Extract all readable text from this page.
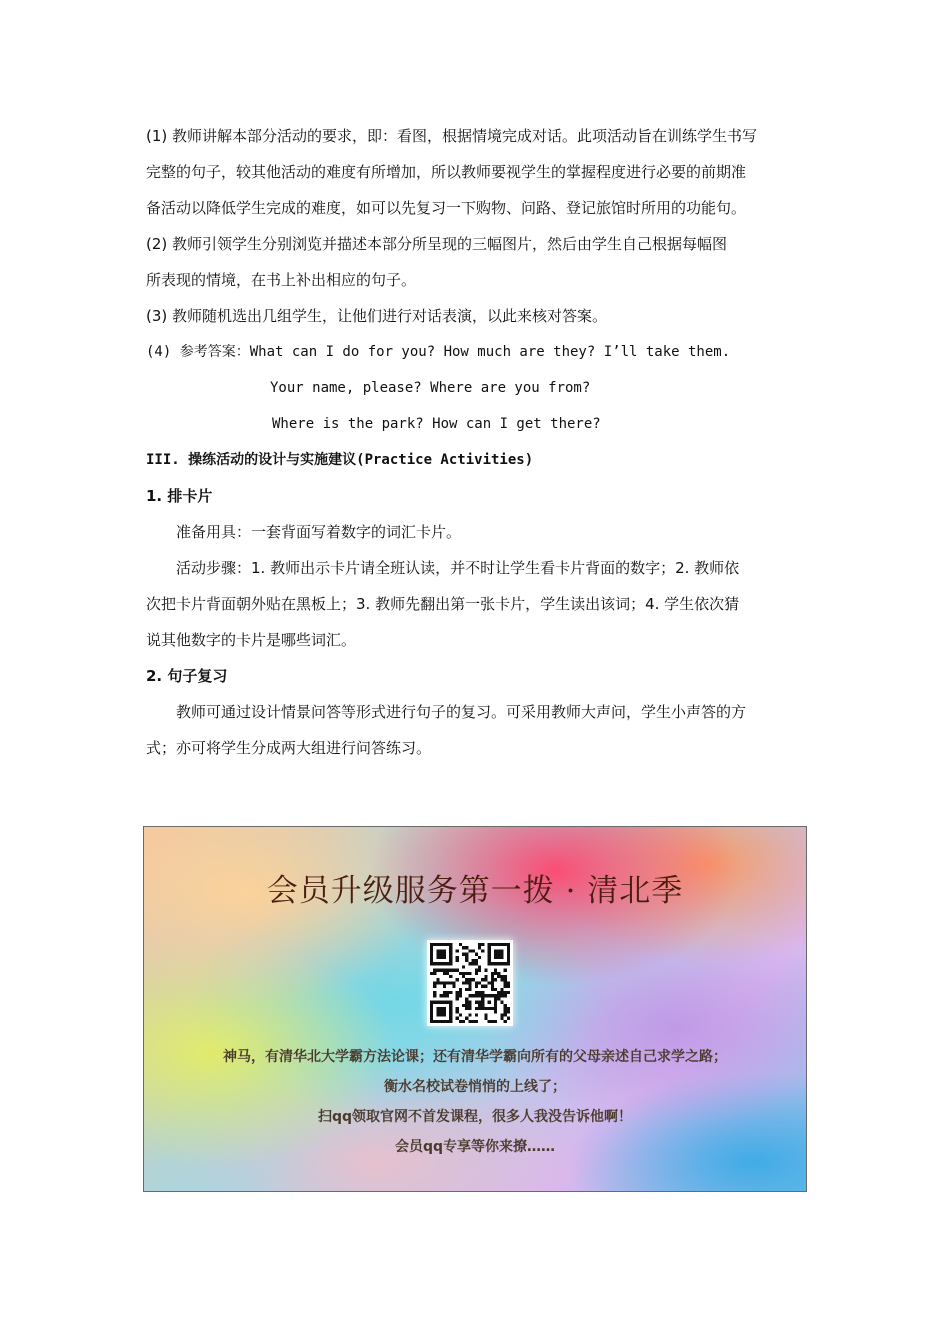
(1) 教师讲解本部分活动的要求，即：看图，根据情境完成对话。此项活动旨在训练学生书写

完整的句子，较其他活动的难度有所增加，所以教师要视学生的掌握程度进行必要的前期准

备活动以降低学生完成的难度，如可以先复习一下购物、问路、登记旅馆时所用的功能句。

(2) 教师引领学生分别浏览并描述本部分所呈现的三幅图片，然后由学生自己根据每幅图

所表现的情境，在书上补出相应的句子。

(3) 教师随机选出几组学生，让他们进行对话表演，以此来核对答案。

(4) 参考答案：What can I do for you? How much are they? I’ll take them.

Your name, please? Where are you from?

Where is the park? How can I get there?

III. 操练活动的设计与实施建议(Practice Activities)

1. 排卡片

准备用具：一套背面写着数字的词汇卡片。

活动步骤：1. 教师出示卡片请全班认读，并不时让学生看卡片背面的数字；2. 教师依

次把卡片背面朝外贴在黑板上；3. 教师先翻出第一张卡片，学生读出该词；4. 学生依次猜

说其他数字的卡片是哪些词汇。

2. 句子复习

教师可通过设计情景问答等形式进行句子的复习。可采用教师大声问，学生小声答的方

式；亦可将学生分成两大组进行问答练习。

会员升级服务第一拨 · 清北季
神马，有清华北大学霸方法论课；还有清华学霸向所有的父母亲述自己求学之路；
衡水名校试卷悄悄的上线了；
扫qq领取官网不首发课程，很多人我没告诉他啊！
会员qq专享等你来撩……
